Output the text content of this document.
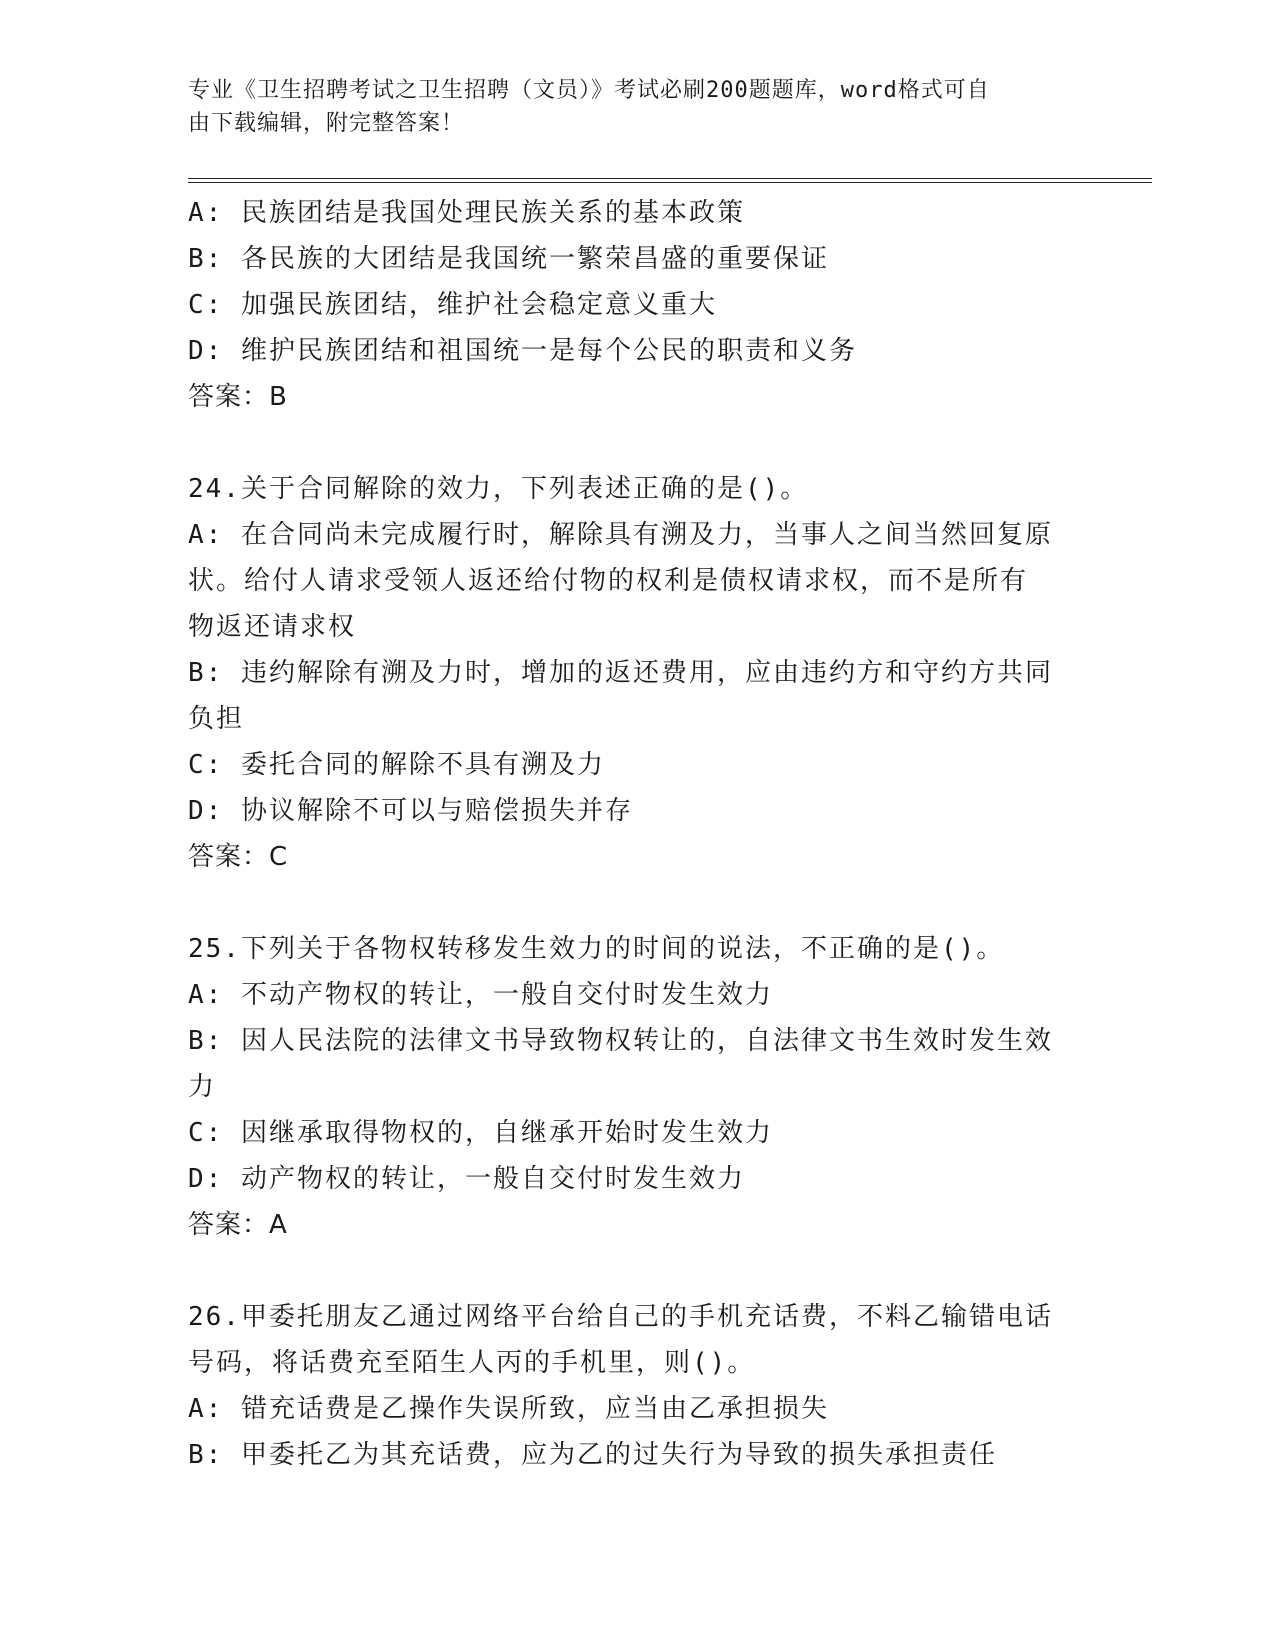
专业《卫生招聘考试之卫生招聘（文员）》考试必刷200题题库，word格式可自
由下载编辑，附完整答案！
A: 民族团结是我国处理民族关系的基本政策
B: 各民族的大团结是我国统一繁荣昌盛的重要保证
C: 加强民族团结，维护社会稳定意义重大
D: 维护民族团结和祖国统一是每个公民的职责和义务
答案：B
24.关于合同解除的效力，下列表述正确的是()。
A: 在合同尚未完成履行时，解除具有溯及力，当事人之间当然回复原
状。给付人请求受领人返还给付物的权利是债权请求权，而不是所有
物返还请求权
B: 违约解除有溯及力时，增加的返还费用，应由违约方和守约方共同
负担
C: 委托合同的解除不具有溯及力
D: 协议解除不可以与赔偿损失并存
答案：C
25.下列关于各物权转移发生效力的时间的说法，不正确的是()。
A: 不动产物权的转让，一般自交付时发生效力
B: 因人民法院的法律文书导致物权转让的，自法律文书生效时发生效
力
C: 因继承取得物权的，自继承开始时发生效力
D: 动产物权的转让，一般自交付时发生效力
答案：A
26.甲委托朋友乙通过网络平台给自己的手机充话费，不料乙输错电话
号码，将话费充至陌生人丙的手机里，则()。
A: 错充话费是乙操作失误所致，应当由乙承担损失
B: 甲委托乙为其充话费，应为乙的过失行为导致的损失承担责任
